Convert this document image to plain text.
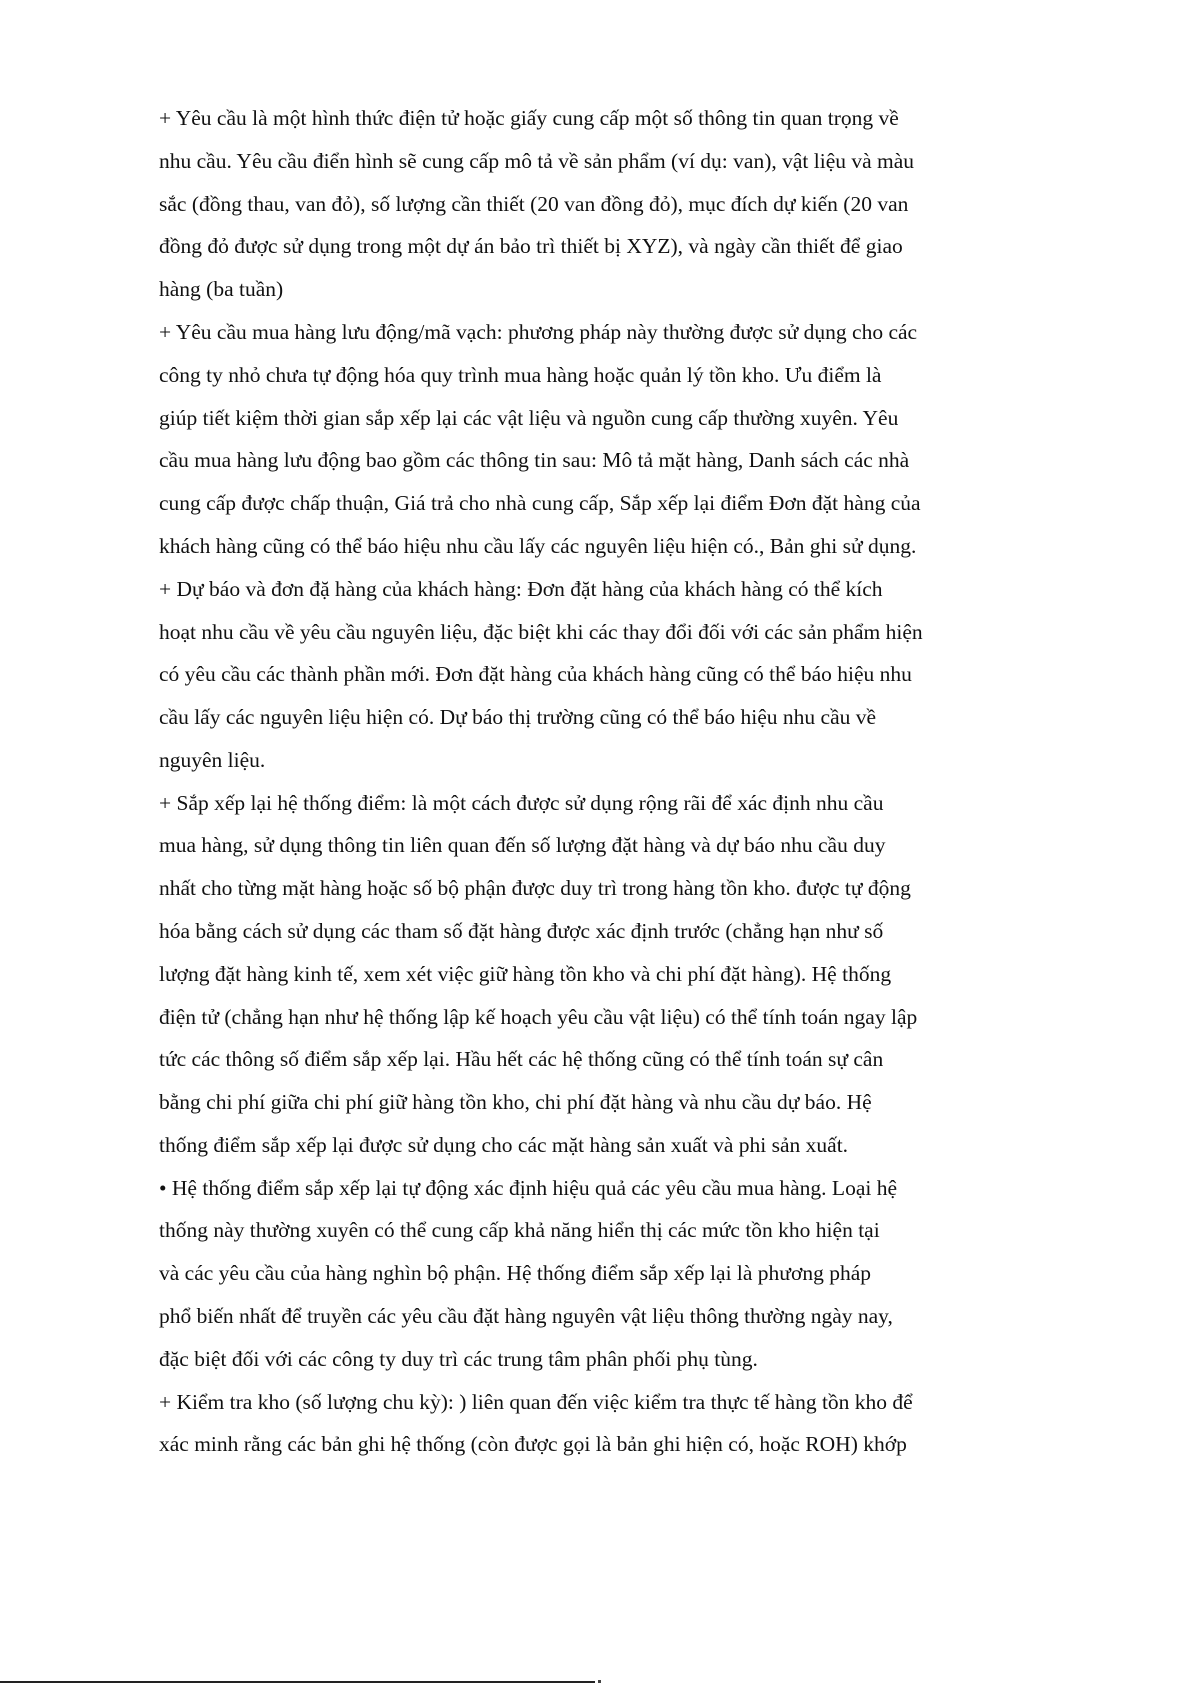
+ Yêu cầu là một hình thức điện tử hoặc giấy cung cấp một số thông tin quan trọng về

nhu cầu. Yêu cầu điển hình sẽ cung cấp mô tả về sản phẩm (ví dụ: van), vật liệu và màu

sắc (đồng thau, van đỏ), số lượng cần thiết (20 van đồng đỏ), mục đích dự kiến (20 van

đồng đỏ được sử dụng trong một dự án bảo trì thiết bị XYZ), và ngày cần thiết để giao

hàng (ba tuần)

+ Yêu cầu mua hàng lưu động/mã vạch: phương pháp này thường được sử dụng cho các

công ty nhỏ chưa tự động hóa quy trình mua hàng hoặc quản lý tồn kho. Ưu điểm là

giúp tiết kiệm thời gian sắp xếp lại các vật liệu và nguồn cung cấp thường xuyên. Yêu

cầu mua hàng lưu động bao gồm các thông tin sau: Mô tả mặt hàng, Danh sách các nhà

cung cấp được chấp thuận, Giá trả cho nhà cung cấp, Sắp xếp lại điểm Đơn đặt hàng của

khách hàng cũng có thể báo hiệu nhu cầu lấy các nguyên liệu hiện có., Bản ghi sử dụng.

+ Dự báo và đơn đặ hàng của khách hàng: Đơn đặt hàng của khách hàng có thể kích

hoạt nhu cầu về yêu cầu nguyên liệu, đặc biệt khi các thay đổi đối với các sản phẩm hiện

có yêu cầu các thành phần mới. Đơn đặt hàng của khách hàng cũng có thể báo hiệu nhu

cầu lấy các nguyên liệu hiện có. Dự báo thị trường cũng có thể báo hiệu nhu cầu về

nguyên liệu.

+ Sắp xếp lại hệ thống điểm: là một cách được sử dụng rộng rãi để xác định nhu cầu

mua hàng, sử dụng thông tin liên quan đến số lượng đặt hàng và dự báo nhu cầu duy

nhất cho từng mặt hàng hoặc số bộ phận được duy trì trong hàng tồn kho. được tự động

hóa bằng cách sử dụng các tham số đặt hàng được xác định trước (chẳng hạn như số

lượng đặt hàng kinh tế, xem xét việc giữ hàng tồn kho và chi phí đặt hàng). Hệ thống

điện tử (chẳng hạn như hệ thống lập kế hoạch yêu cầu vật liệu) có thể tính toán ngay lập

tức các thông số điểm sắp xếp lại. Hầu hết các hệ thống cũng có thể tính toán sự cân

bằng chi phí giữa chi phí giữ hàng tồn kho, chi phí đặt hàng và nhu cầu dự báo. Hệ

thống điểm sắp xếp lại được sử dụng cho các mặt hàng sản xuất và phi sản xuất.

• Hệ thống điểm sắp xếp lại tự động xác định hiệu quả các yêu cầu mua hàng. Loại hệ

thống này thường xuyên có thể cung cấp khả năng hiển thị các mức tồn kho hiện tại

và các yêu cầu của hàng nghìn bộ phận. Hệ thống điểm sắp xếp lại là phương pháp

phổ biến nhất để truyền các yêu cầu đặt hàng nguyên vật liệu thông thường ngày nay,

đặc biệt đối với các công ty duy trì các trung tâm phân phối phụ tùng.

+ Kiểm tra kho (số lượng chu kỳ): ) liên quan đến việc kiểm tra thực tế hàng tồn kho để

xác minh rằng các bản ghi hệ thống (còn được gọi là bản ghi hiện có, hoặc ROH) khớp
